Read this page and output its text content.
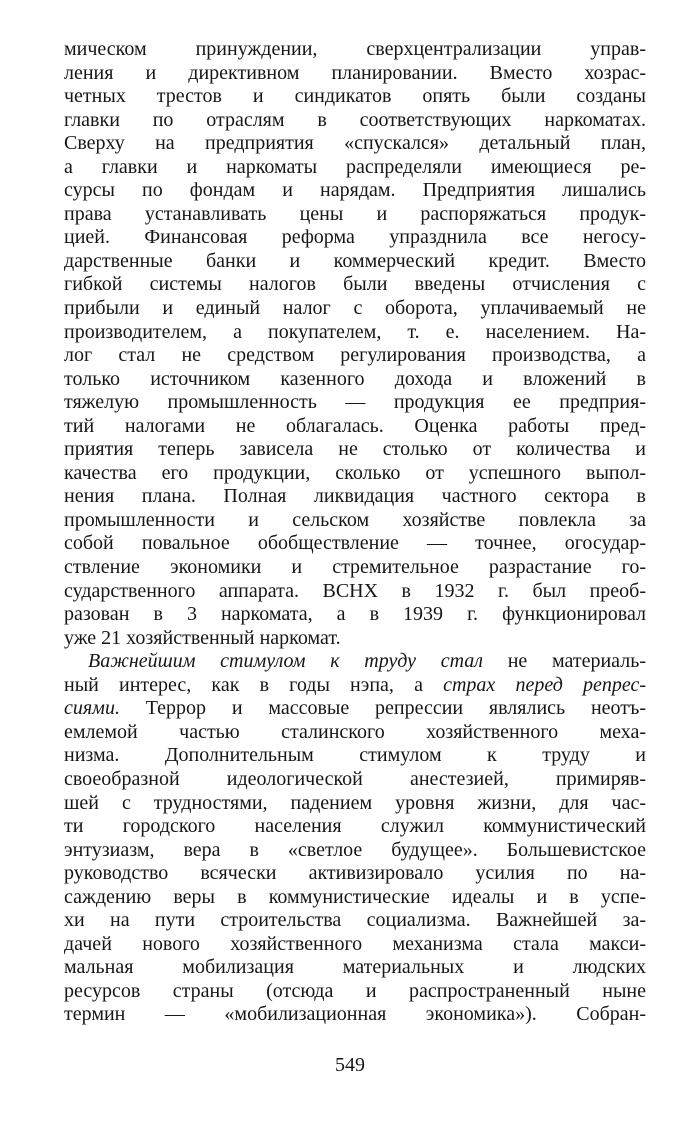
мическом принуждении, сверхцентрализации управ-
ления и директивном планировании. Вместо хозрас-
четных трестов и синдикатов опять были созданы
главки по отраслям в соответствующих наркоматах.
Сверху на предприятия «спускался» детальный план,
а главки и наркоматы распределяли имеющиеся ре-
сурсы по фондам и нарядам. Предприятия лишались
права устанавливать цены и распоряжаться продук-
цией. Финансовая реформа упразднила все негосу-
дарственные банки и коммерческий кредит. Вместо
гибкой системы налогов были введены отчисления с
прибыли и единый налог с оборота, уплачиваемый не
производителем, а покупателем, т. е. населением. На-
лог стал не средством регулирования производства, а
только источником казенного дохода и вложений в
тяжелую промышленность — продукция ее предприя-
тий налогами не облагалась. Оценка работы пред-
приятия теперь зависела не столько от количества и
качества его продукции, сколько от успешного выпол-
нения плана. Полная ликвидация частного сектора в
промышленности и сельском хозяйстве повлекла за
собой повальное обобществление — точнее, огосудар-
ствление экономики и стремительное разрастание го-
сударственного аппарата. ВСНХ в 1932 г. был преоб-
разован в 3 наркомата, а в 1939 г. функционировал
уже 21 хозяйственный наркомат.
Важнейшим стимулом к труду стал не материаль-
ный интерес, как в годы нэпа, а страх перед репрес-
сиями. Террор и массовые репрессии являлись неотъ-
емлемой частью сталинского хозяйственного меха-
низма. Дополнительным стимулом к труду и
своеобразной идеологической анестезией, примиряв-
шей с трудностями, падением уровня жизни, для час-
ти городского населения служил коммунистический
энтузиазм, вера в «светлое будущее». Большевистское
руководство всячески активизировало усилия по на-
саждению веры в коммунистические идеалы и в успе-
хи на пути строительства социализма. Важнейшей за-
дачей нового хозяйственного механизма стала макси-
мальная мобилизация материальных и людских
ресурсов страны (отсюда и распространенный ныне
термин — «мобилизационная экономика»). Собран-
549
